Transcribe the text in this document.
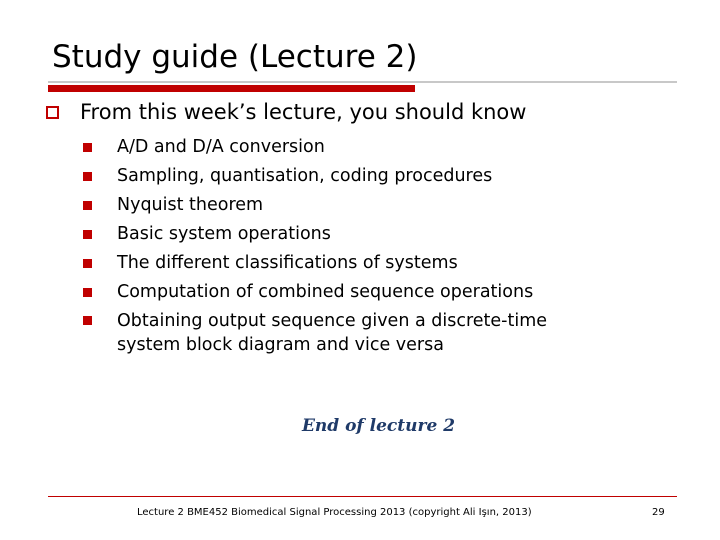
Study guide (Lecture 2)
From this week’s lecture, you should know
A/D and D/A conversion
Sampling, quantisation, coding procedures
Nyquist theorem
Basic system operations
The different classifications of systems
Computation of combined sequence operations
Obtaining output sequence given a discrete-time
system block diagram and vice versa
End of lecture 2
Lecture 2 BME452 Biomedical Signal Processing 2013 (copyright Ali Işın, 2013)	29
